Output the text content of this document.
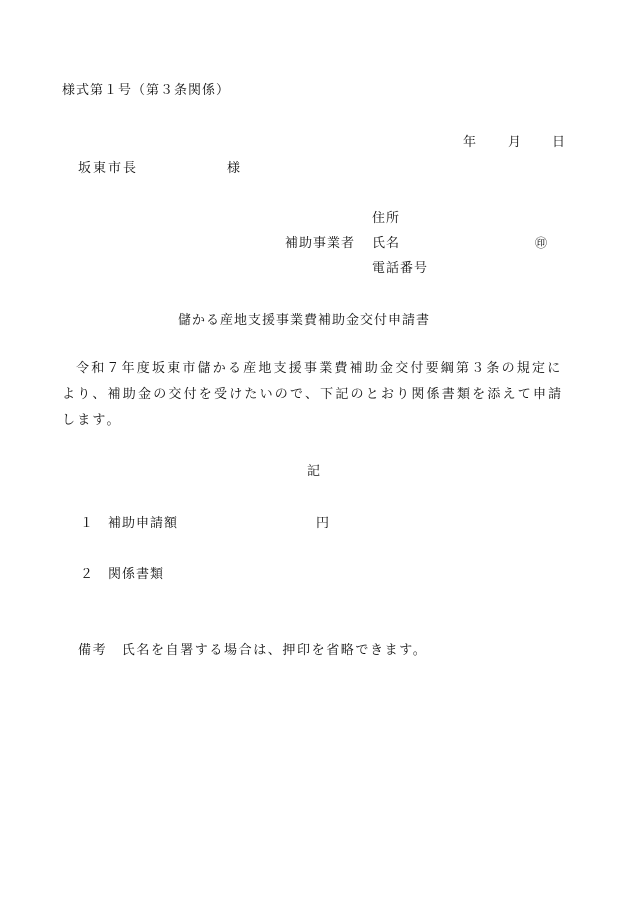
様式第１号（第３条関係）
年 月 日
坂東市長	様
住所
補助事業者 氏名	㊞
電話番号
儲かる産地支援事業費補助金交付申請書
令和７年度坂東市儲かる産地支援事業費補助金交付要綱第３条の規定により、補助金の交付を受けたいので、下記のとおり関係書類を添えて申請します。
記
１　補助申請額	円
２　関係書類
備考　氏名を自署する場合は、押印を省略できます。
